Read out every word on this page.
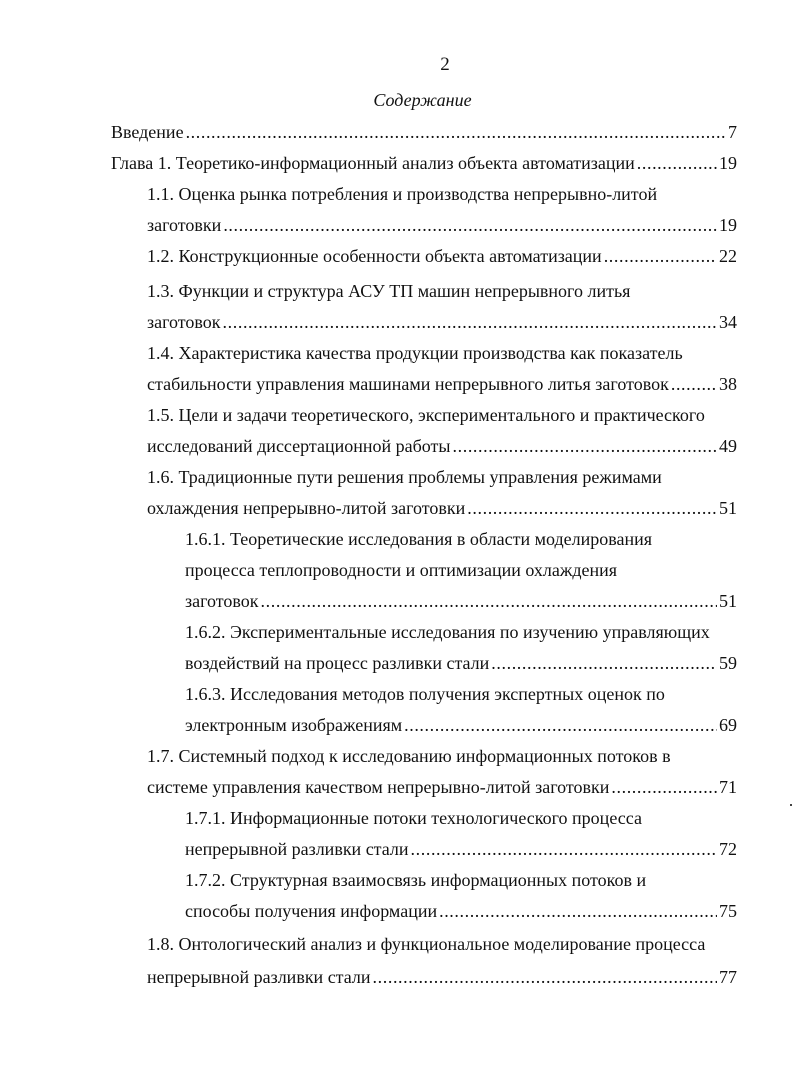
2
Содержание
Введение .....	7
Глава 1. Теоретико-информационный анализ объекта автоматизации .....	19
1.1. Оценка рынка потребления и производства непрерывно-литой
заготовки .....	19
1.2. Конструкционные особенности объекта автоматизации .....	22
1.3. Функции и структура АСУ ТП машин непрерывного литья
заготовок .....	34
1.4. Характеристика качества продукции производства как показатель
стабильности управления машинами непрерывного литья заготовок .....	38
1.5. Цели и задачи теоретического, экспериментального и практического
исследований диссертационной работы .....	49
1.6. Традиционные пути решения проблемы управления режимами
охлаждения непрерывно-литой заготовки .....	51
1.6.1. Теоретические исследования в области моделирования
процесса теплопроводности и оптимизации охлаждения
заготовок .....	51
1.6.2. Экспериментальные исследования по изучению управляющих
воздействий на процесс разливки стали .....	59
1.6.3. Исследования методов получения экспертных оценок по
электронным изображениям .....	69
1.7. Системный подход к исследованию информационных потоков в
системе управления качеством непрерывно-литой заготовки .....	71
1.7.1. Информационные потоки технологического процесса
непрерывной разливки стали .....	72
1.7.2. Структурная взаимосвязь информационных потоков и
способы получения информации .....	75
1.8. Онтологический анализ и функциональное моделирование процесса
непрерывной разливки стали .....	77
